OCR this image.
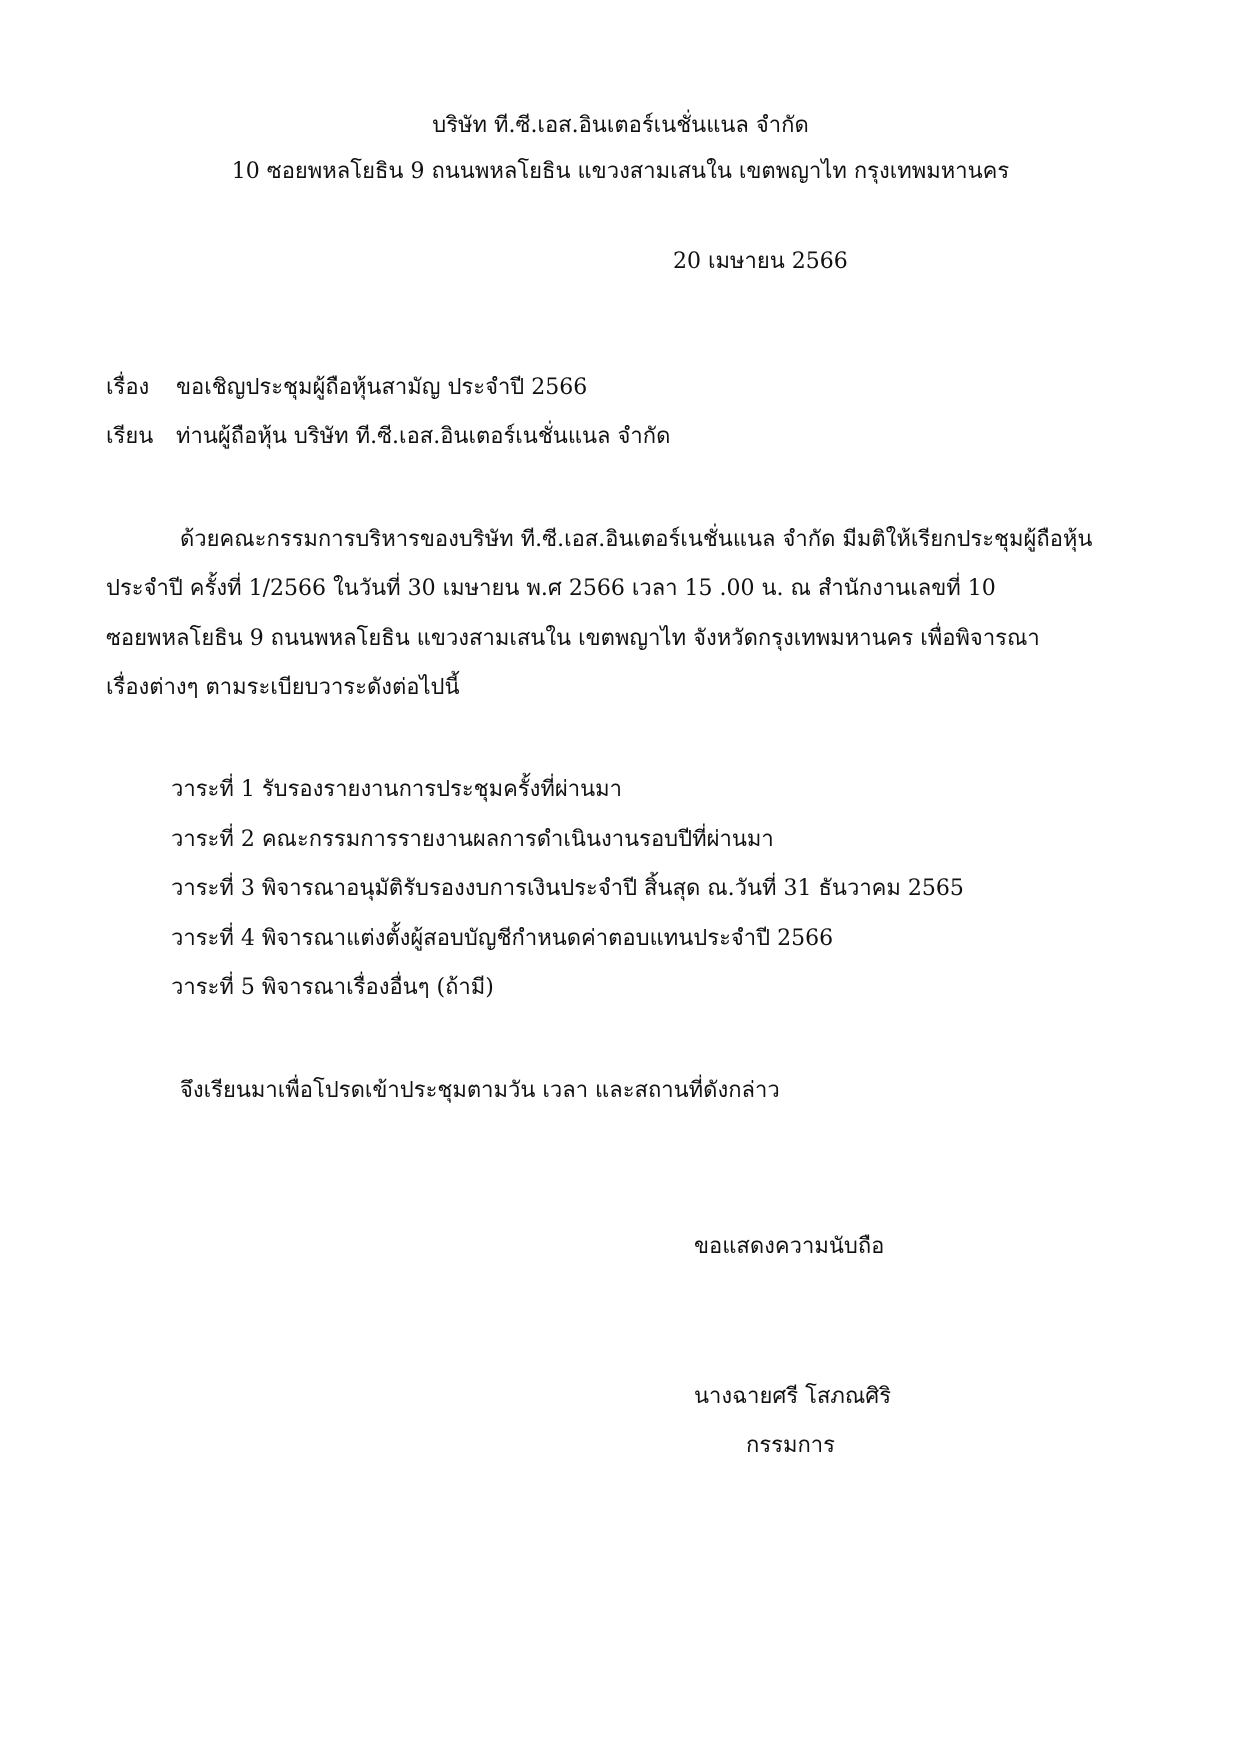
บริษัท ที.ซี.เอส.อินเตอร์เนชั่นแนล จำกัด
10 ซอยพหลโยธิน 9 ถนนพหลโยธิน แขวงสามเสนใน เขตพญาไท กรุงเทพมหานคร
20 เมษายน 2566
เรื่อง ขอเชิญประชุมผู้ถือหุ้นสามัญ ประจำปี 2566
เรียน ท่านผู้ถือหุ้น บริษัท ที.ซี.เอส.อินเตอร์เนชั่นแนล จำกัด
ด้วยคณะกรรมการบริหารของบริษัท ที.ซี.เอส.อินเตอร์เนชั่นแนล จำกัด มีมติให้เรียกประชุมผู้ถือหุ้น
ประจำปี ครั้งที่ 1/2566 ในวันที่ 30 เมษายน พ.ศ 2566 เวลา 15 .00 น. ณ สำนักงานเลขที่ 10
ซอยพหลโยธิน 9 ถนนพหลโยธิน แขวงสามเสนใน เขตพญาไท จังหวัดกรุงเทพมหานคร เพื่อพิจารณา
เรื่องต่างๆ ตามระเบียบวาระดังต่อไปนี้
วาระที่ 1 รับรองรายงานการประชุมครั้งที่ผ่านมา
วาระที่ 2 คณะกรรมการรายงานผลการดำเนินงานรอบปีที่ผ่านมา
วาระที่ 3 พิจารณาอนุมัติรับรองงบการเงินประจำปี สิ้นสุด ณ.วันที่ 31 ธันวาคม 2565
วาระที่ 4 พิจารณาแต่งตั้งผู้สอบบัญชีกำหนดค่าตอบแทนประจำปี 2566
วาระที่ 5 พิจารณาเรื่องอื่นๆ (ถ้ามี)
จึงเรียนมาเพื่อโปรดเข้าประชุมตามวัน เวลา และสถานที่ดังกล่าว
ขอแสดงความนับถือ
นางฉายศรี โสภณศิริ
กรรมการ
